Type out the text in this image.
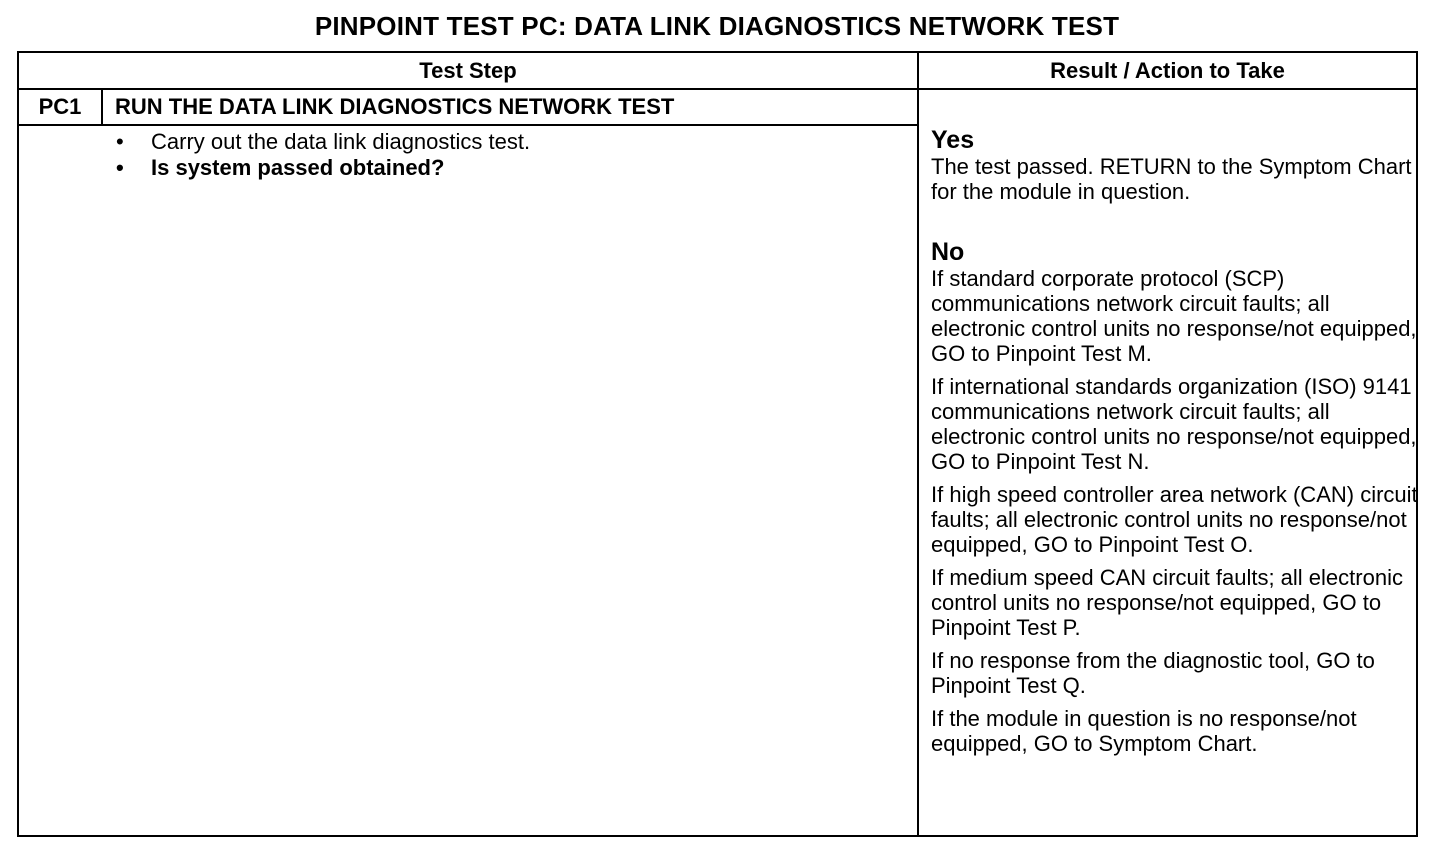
PINPOINT TEST PC: DATA LINK DIAGNOSTICS NETWORK TEST
Test Step	Result / Action to Take
PC1	RUN THE DATA LINK DIAGNOSTICS NETWORK TEST
• Carry out the data link diagnostics test.
• Is system passed obtained?

Yes

The test passed. RETURN to the Symptom Chart for the module in question.

No

If standard corporate protocol (SCP) communications network circuit faults; all electronic control units no response/not equipped, GO to Pinpoint Test M.

If international standards organization (ISO) 9141 communications network circuit faults; all electronic control units no response/not equipped, GO to Pinpoint Test N.

If high speed controller area network (CAN) circuit faults; all electronic control units no response/not equipped, GO to Pinpoint Test O.

If medium speed CAN circuit faults; all electronic control units no response/not equipped, GO to Pinpoint Test P.

If no response from the diagnostic tool, GO to Pinpoint Test Q.

If the module in question is no response/not equipped, GO to Symptom Chart.
